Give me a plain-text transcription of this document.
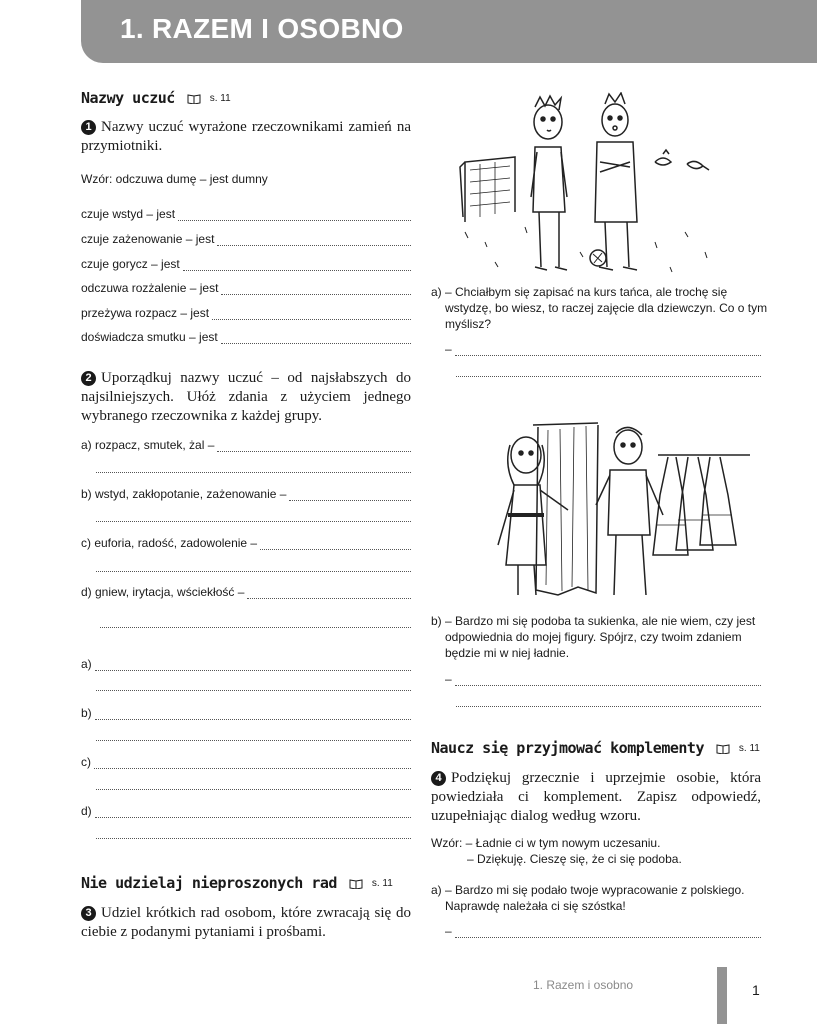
1. RAZEM I OSOBNO
Nazwy uczuć	s. 11
1 Nazwy uczuć wyrażone rzeczownikami zamień na przymiotniki.
Wzór: odczuwa dumę – jest dumny
czuje wstyd – jest
czuje zażenowanie – jest
czuje gorycz – jest
odczuwa rozżalenie – jest
przeżywa rozpacz – jest
doświadcza smutku – jest
2 Uporządkuj nazwy uczuć – od najsłabszych do najsilniejszych. Ułóż zdania z użyciem jednego wybranego rzeczownika z każdej grupy.
a) rozpacz, smutek, żal –
b) wstyd, zakłopotanie, zażenowanie –
c) euforia, radość, zadowolenie –
d) gniew, irytacja, wściekłość –
a)
b)
c)
d)
Nie udzielaj nieproszonych rad	s. 11
3 Udziel krótkich rad osobom, które zwracają się do ciebie z podanymi pytaniami i prośbami.
a) – Chciałbym się zapisać na kurs tańca, ale trochę się wstydzę, bo wiesz, to raczej zajęcie dla dziewczyn. Co o tym myślisz?
–
b) – Bardzo mi się podoba ta sukienka, ale nie wiem, czy jest odpowiednia do mojej figury. Spójrz, czy twoim zdaniem będzie mi w niej ładnie.
–
Naucz się przyjmować komplementy	s. 11
4 Podziękuj grzecznie i uprzejmie osobie, która powiedziała ci komplement. Zapisz odpowiedź, uzupełniając dialog według wzoru.
Wzór: – Ładnie ci w tym nowym uczesaniu.
– Dziękuję. Cieszę się, że ci się podoba.
a) – Bardzo mi się podało twoje wypracowanie z polskiego. Naprawdę należała ci się szóstka!
–
1. Razem i osobno	1
